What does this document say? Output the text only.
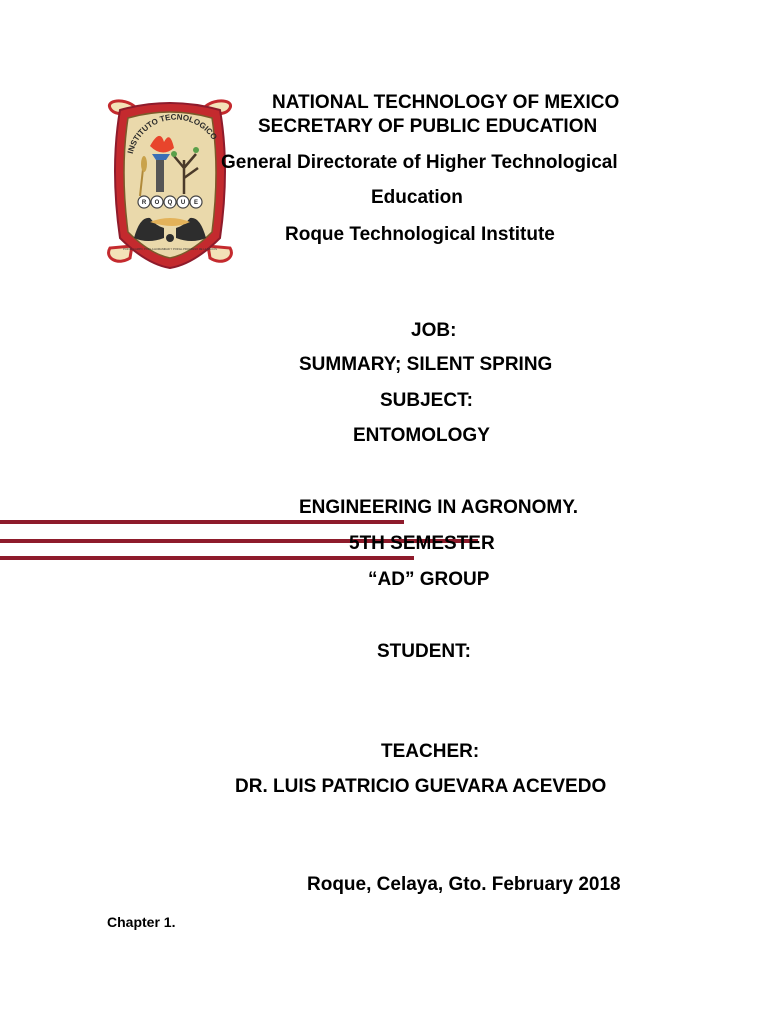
INSTITUTO TECNOLOGICO
R O Q U E
POR EL CAMPO, POR LA HUMANIDAD Y POR EL PROGRESO DE LA NACIÓN
NATIONAL TECHNOLOGY OF MEXICO
SECRETARY OF PUBLIC EDUCATION
General Directorate of Higher Technological
Education
Roque Technological Institute
JOB:
SUMMARY; SILENT SPRING
SUBJECT:
ENTOMOLOGY
ENGINEERING IN AGRONOMY.
5TH SEMESTER
“AD” GROUP
STUDENT:
TEACHER:
DR. LUIS PATRICIO GUEVARA ACEVEDO
Roque, Celaya, Gto. February 2018
Chapter 1.
